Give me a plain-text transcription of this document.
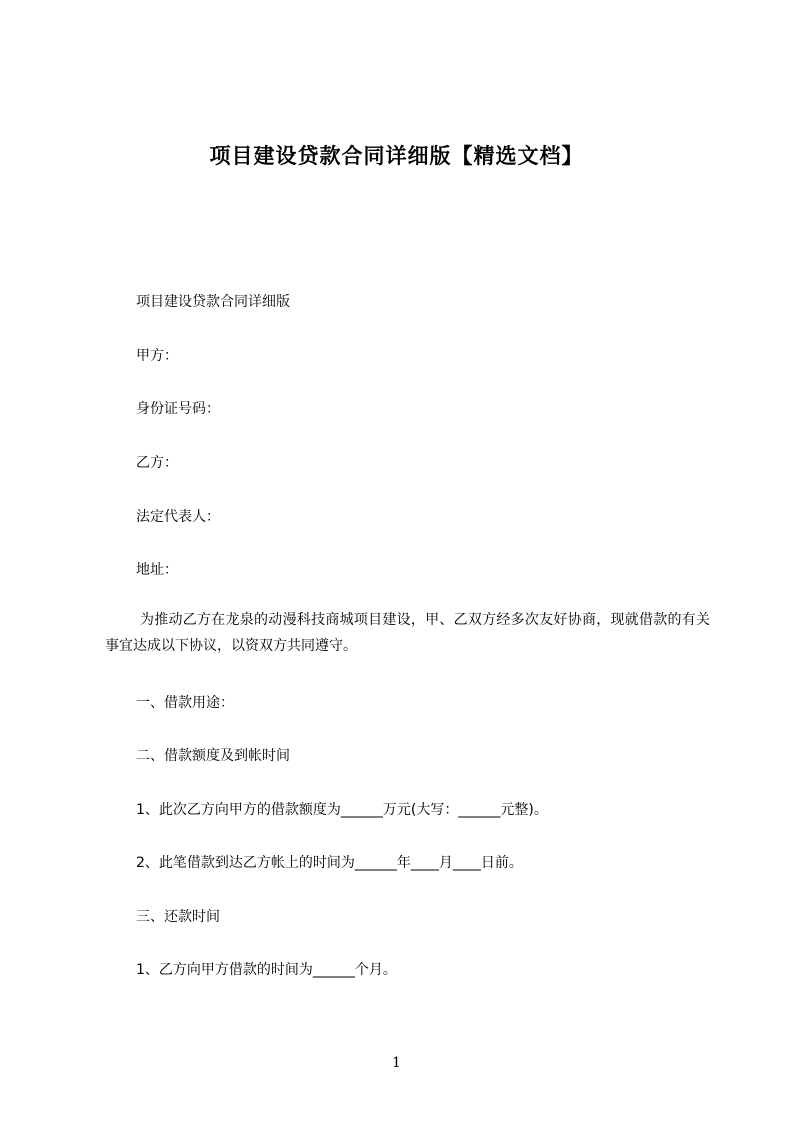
项目建设贷款合同详细版【精选文档】
项目建设贷款合同详细版
甲方：
身份证号码：
乙方：
法定代表人：
地址：
为推动乙方在龙泉的动漫科技商城项目建设，甲、乙双方经多次友好协商，现就借款的有关事宜达成以下协议，以资双方共同遵守。
一、借款用途：
二、借款额度及到帐时间
1、此次乙方向甲方的借款额度为______万元(大写：______元整)。
2、此笔借款到达乙方帐上的时间为______年____月____日前。
三、还款时间
1、乙方向甲方借款的时间为______个月。
1
